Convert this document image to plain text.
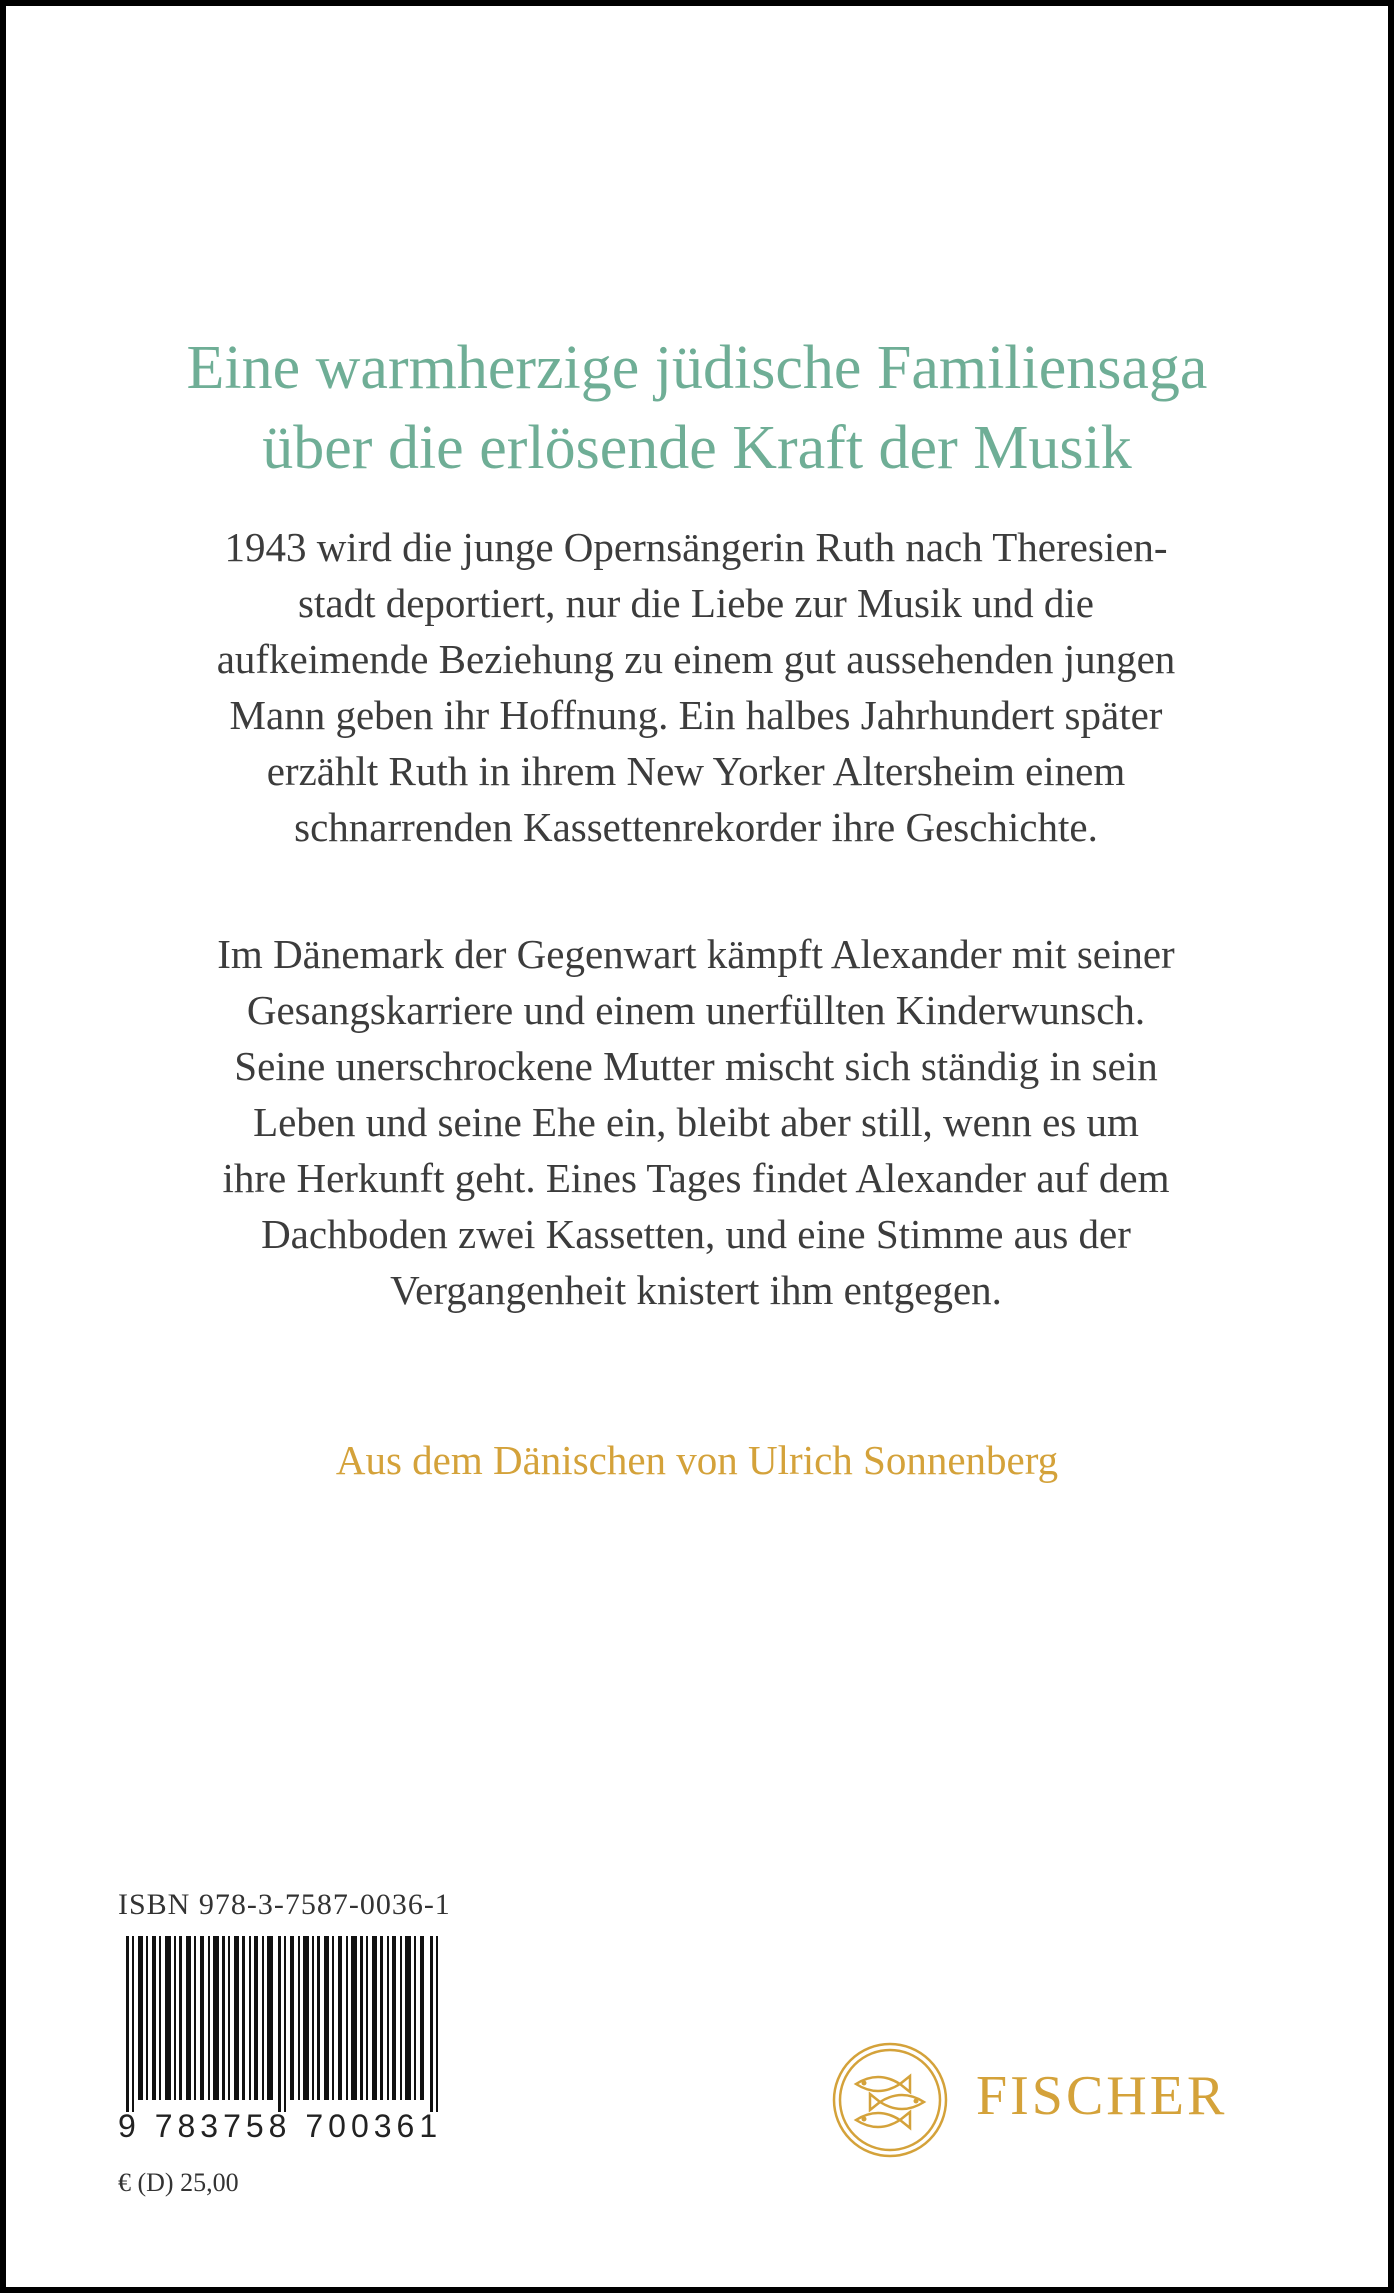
Eine warmherzige jüdische Familiensaga
über die erlösende Kraft der Musik
1943 wird die junge Opernsängerin Ruth nach Theresien-
stadt deportiert, nur die Liebe zur Musik und die
aufkeimende Beziehung zu einem gut aussehenden jungen
Mann geben ihr Hoffnung. Ein halbes Jahrhundert später
erzählt Ruth in ihrem New Yorker Altersheim einem
schnarrenden Kassettenrekorder ihre Geschichte.
Im Dänemark der Gegenwart kämpft Alexander mit seiner
Gesangskarriere und einem unerfüllten Kinderwunsch.
Seine unerschrockene Mutter mischt sich ständig in sein
Leben und seine Ehe ein, bleibt aber still, wenn es um
ihre Herkunft geht. Eines Tages findet Alexander auf dem
Dachboden zwei Kassetten, und eine Stimme aus der
Vergangenheit knistert ihm entgegen.
Aus dem Dänischen von Ulrich Sonnenberg
ISBN 978-3-7587-0036-1
9 783758 700361
€ (D) 25,00
FISCHER
